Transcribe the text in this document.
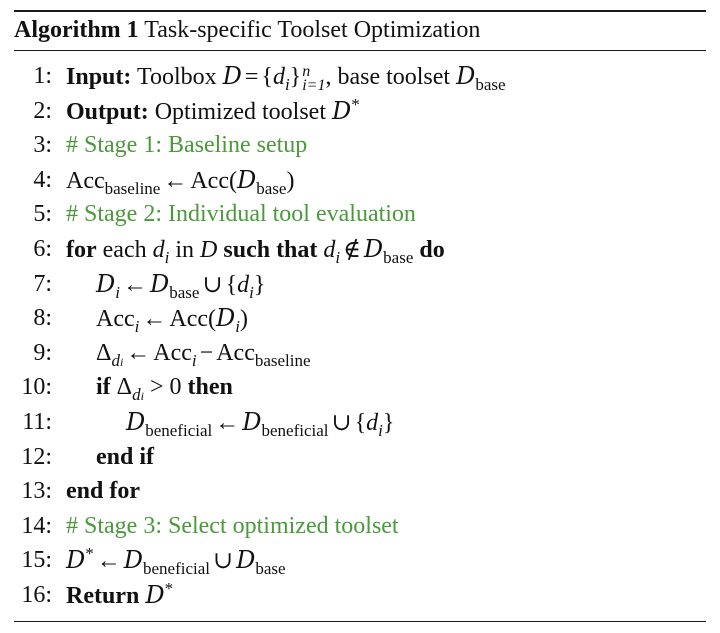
Algorithm 1 Task-specific Toolset Optimization
1: Input: Toolbox $D = \{d_i\}$ n
i=1 , base toolset $D_{base}$
2: Output: Optimized toolset D*
3: # Stage 1: Baseline setup
4: Acc$_{baseline}$ ← $Acc(D_{base})$
5: # Stage 2: Individual tool evaluation
6: for each $d_i$ in D such that $d_i$ ∉ $D_{base}$ do
7: $D_i$ ← $D_{base}$ ∪ $\{d_i\}$
8: Acc$_i$ ← $Acc(D_i)$
9: $\Delta_{di}$ ← Acc$_i$ − Acc$_{baseline}$
10: if $\Delta_{di} > 0$ then
11:	$D_{beneficial}$ ← $D_{beneficial}$ ∪ $\{d_i\}$
12: end if
13: end for
14: # Stage 3: Select optimized toolset
15: D* ← $D_{beneficial}$ ∪ $D_{base}$
16: Return D*
